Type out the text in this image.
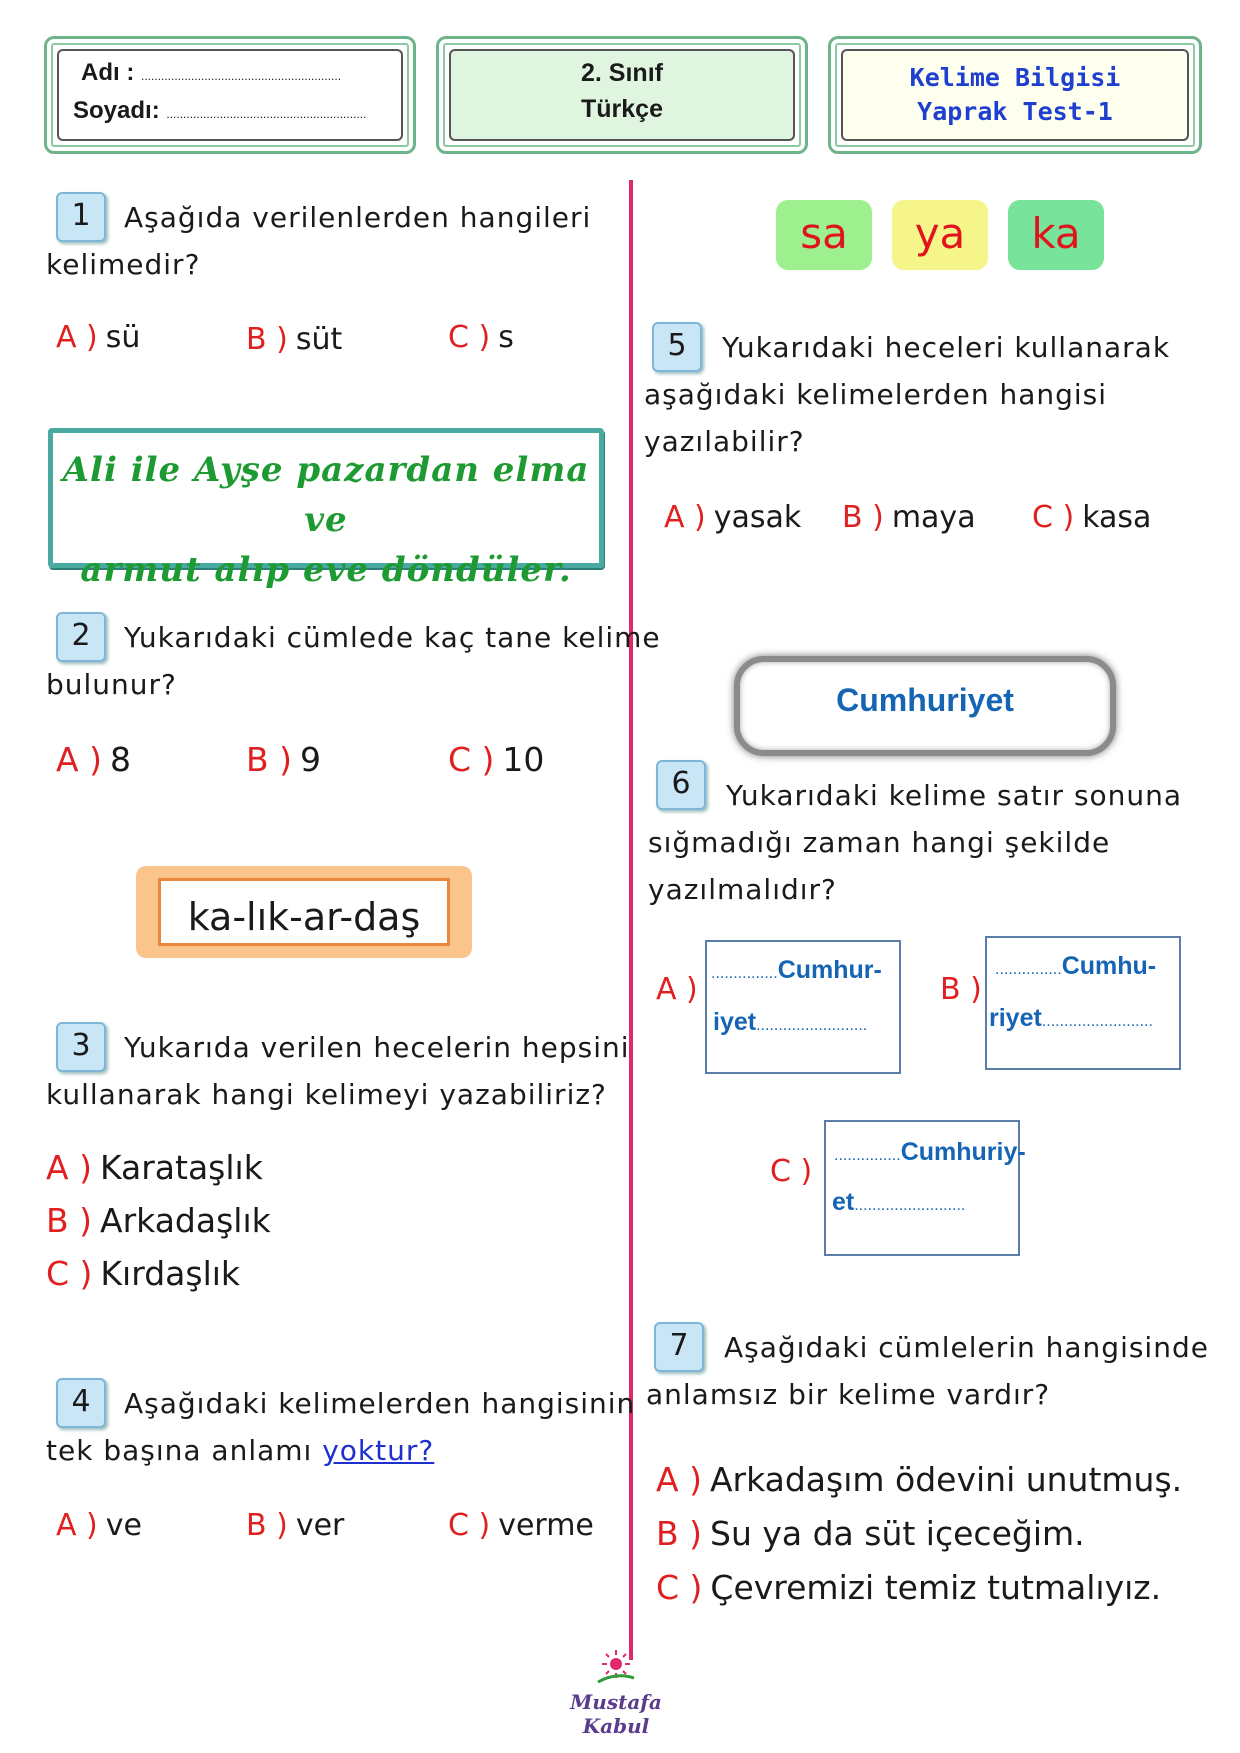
Adı : ............................................................
Soyadı: ............................................................
2. Sınıf
Türkçe
Kelime Bilgisi
Yaprak Test-1
1	Aşağıda verilenlerden hangileri
kelimedir?
A ) sü	B ) süt	C ) s
Ali ile Ayşe pazardan elma ve
armut alıp eve döndüler.
2	Yukarıdaki cümlede kaç tane kelime
bulunur?
A ) 8	B ) 9	C ) 10
ka-lık-ar-daş
3	Yukarıda verilen hecelerin hepsini
kullanarak hangi kelimeyi yazabiliriz?
A ) Karataşlık
B ) Arkadaşlık
C ) Kırdaşlık
4	Aşağıdaki kelimelerden hangisinin
tek başına anlamı yoktur?
A ) ve	B ) ver	C ) verme
sa	ya	ka
5	Yukarıdaki heceleri kullanarak
aşağıdaki kelimelerden hangisi
yazılabilir?
A ) yasak B ) maya C ) kasa
Cumhuriyet
6	Yukarıdaki kelime satır sonuna
sığmadığı zaman hangi şekilde
yazılmalıdır?
A ) ...............Cumhur-
iyet.........................
B )
...............Cumhu-
riyet.........................
C )	...............Cumhuriy-
et.........................
7	Aşağıdaki cümlelerin hangisinde
anlamsız bir kelime vardır?
A ) Arkadaşım ödevini unutmuş.
B ) Su ya da süt içeceğim.
C ) Çevremizi temiz tutmalıyız.
Mustafa Kabul
